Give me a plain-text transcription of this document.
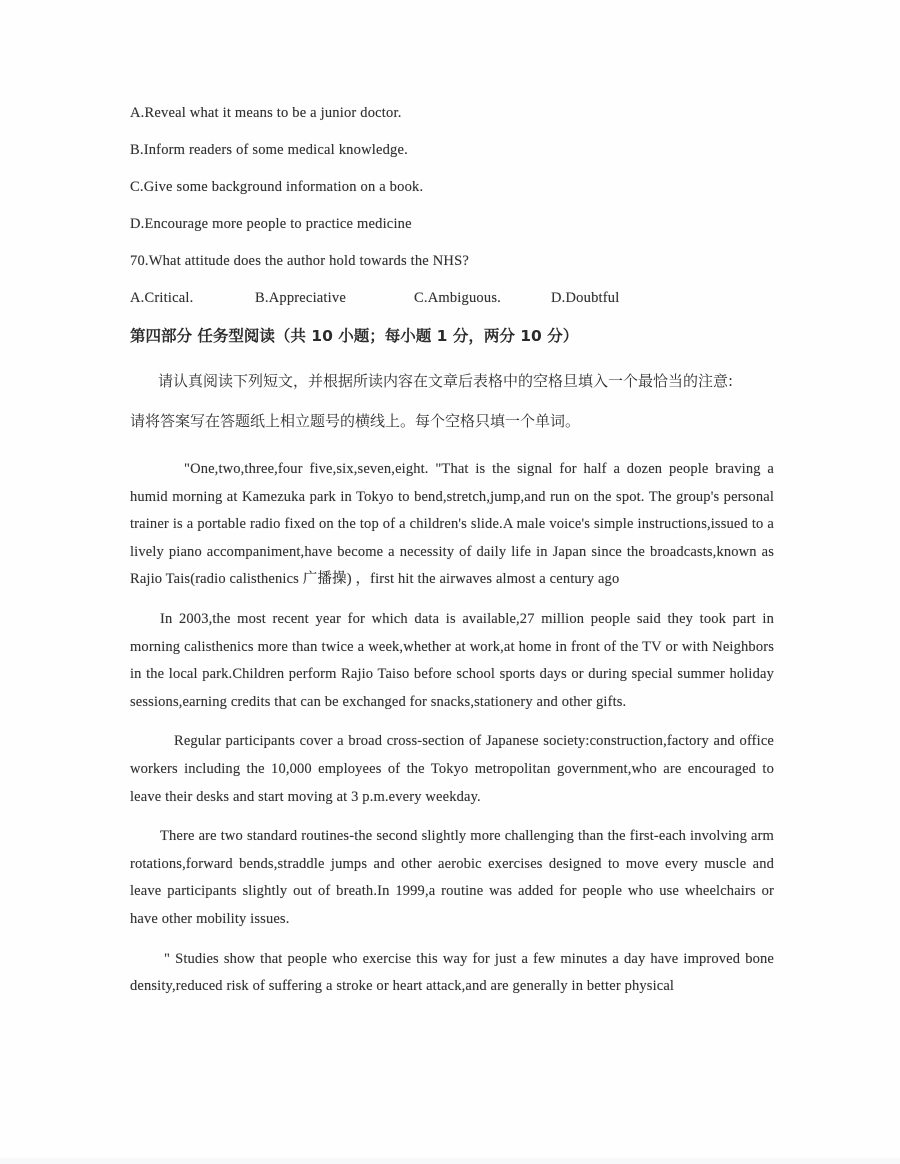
A.Reveal what it means to be a junior doctor.

B.Inform readers of some medical knowledge.

C.Give some background information on a book.

D.Encourage more people to practice medicine

70.What attitude does the author hold towards the NHS?

A.Critical.	B.Appreciative	C.Ambiguous.	D.Doubtful
第四部分 任务型阅读（共 10 小题；每小题 1 分，两分 10 分）

请认真阅读下列短文，并根据所读内容在文章后表格中的空格旦填入一个最恰当的注意:

请将答案写在答题纸上相立题号的横线上。每个空格只填一个单词。

"One,two,three,four five,six,seven,eight. "That is the signal for half a dozen people braving a humid morning at Kamezuka park in Tokyo to bend,stretch,jump,and run on the spot. The group's personal trainer is a portable radio fixed on the top of a children's slide.A male voice's simple instructions,issued to a lively piano accompaniment,have become a necessity of daily life in Japan since the broadcasts,known as Rajio Tais(radio calisthenics 广播操) ，first hit the airwaves almost a century ago

In 2003,the most recent year for which data is available,27 million people said they took part in morning calisthenics more than twice a week,whether at work,at home in front of the TV or with Neighbors in the local park.Children perform Rajio Taiso before school sports days or during special summer holiday sessions,earning credits that can be exchanged for snacks,stationery and other gifts.

Regular participants cover a broad cross-section of Japanese society:construction,factory and office workers including the 10,000 employees of the Tokyo metropolitan government,who are encouraged to leave their desks and start moving at 3 p.m.every weekday.

There are two standard routines-the second slightly more challenging than the first-each involving arm rotations,forward bends,straddle jumps and other aerobic exercises designed to move every muscle and leave participants slightly out of breath.In 1999,a routine was added for people who use wheelchairs or have other mobility issues.

" Studies show that people who exercise this way for just a few minutes a day have improved bone density,reduced risk of suffering a stroke or heart attack,and are generally in better physical
